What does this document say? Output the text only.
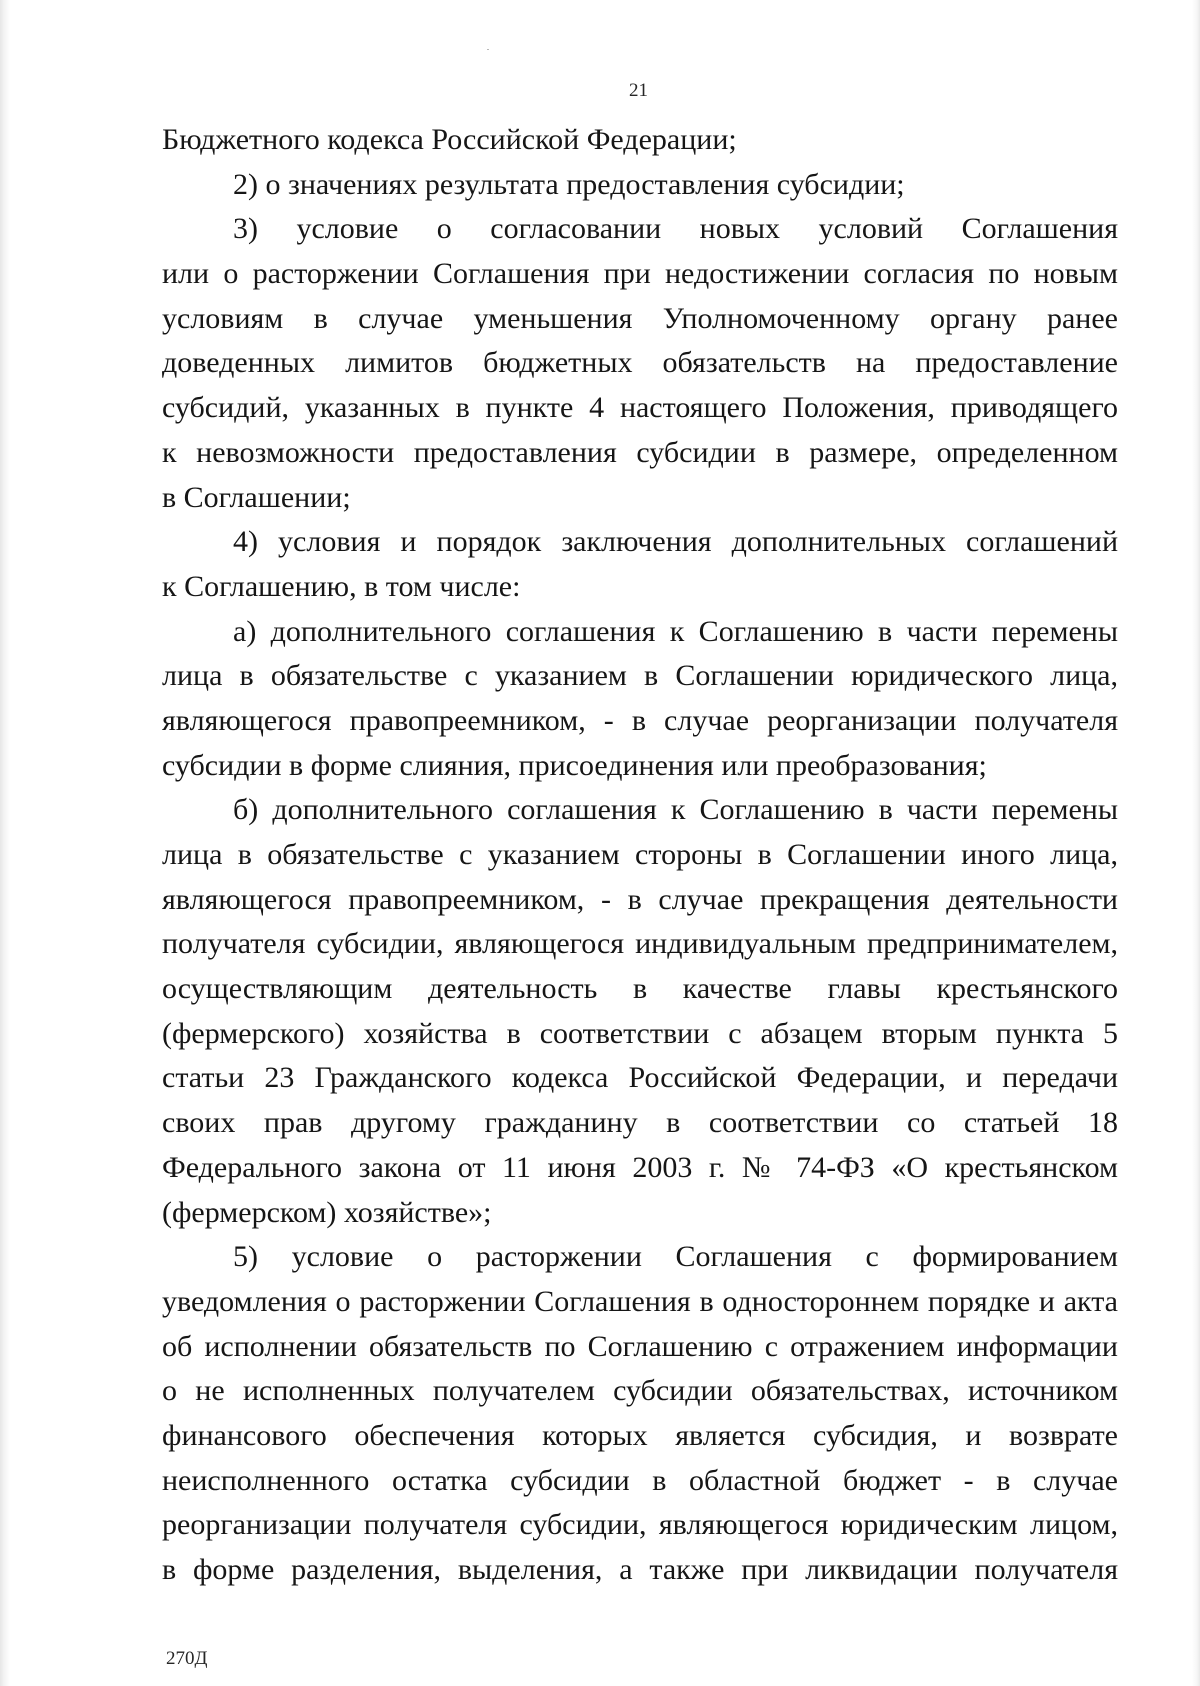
21
Бюджетного кодекса Российской Федерации;
2) о значениях результата предоставления субсидии;
3) условие о согласовании новых условий Соглашения
или о расторжении Соглашения при недостижении согласия по новым
условиям в случае уменьшения Уполномоченному органу ранее
доведенных лимитов бюджетных обязательств на предоставление
субсидий, указанных в пункте 4 настоящего Положения, приводящего
к невозможности предоставления субсидии в размере, определенном
в Соглашении;
4) условия и порядок заключения дополнительных соглашений
к Соглашению, в том числе:
а) дополнительного соглашения к Соглашению в части перемены
лица в обязательстве с указанием в Соглашении юридического лица,
являющегося правопреемником, - в случае реорганизации получателя
субсидии в форме слияния, присоединения или преобразования;
б) дополнительного соглашения к Соглашению в части перемены
лица в обязательстве с указанием стороны в Соглашении иного лица,
являющегося правопреемником, - в случае прекращения деятельности
получателя субсидии, являющегося индивидуальным предпринимателем,
осуществляющим деятельность в качестве главы крестьянского
(фермерского) хозяйства в соответствии с абзацем вторым пункта 5
статьи 23 Гражданского кодекса Российской Федерации, и передачи
своих прав другому гражданину в соответствии со статьей 18
Федерального закона от 11 июня 2003 г. № 74-ФЗ «О крестьянском
(фермерском) хозяйстве»;
5) условие о расторжении Соглашения с формированием
уведомления о расторжении Соглашения в одностороннем порядке и акта
об исполнении обязательств по Соглашению с отражением информации
о не исполненных получателем субсидии обязательствах, источником
финансового обеспечения которых является субсидия, и возврате
неисполненного остатка субсидии в областной бюджет - в случае
реорганизации получателя субсидии, являющегося юридическим лицом,
в форме разделения, выделения, а также при ликвидации получателя
270Д
